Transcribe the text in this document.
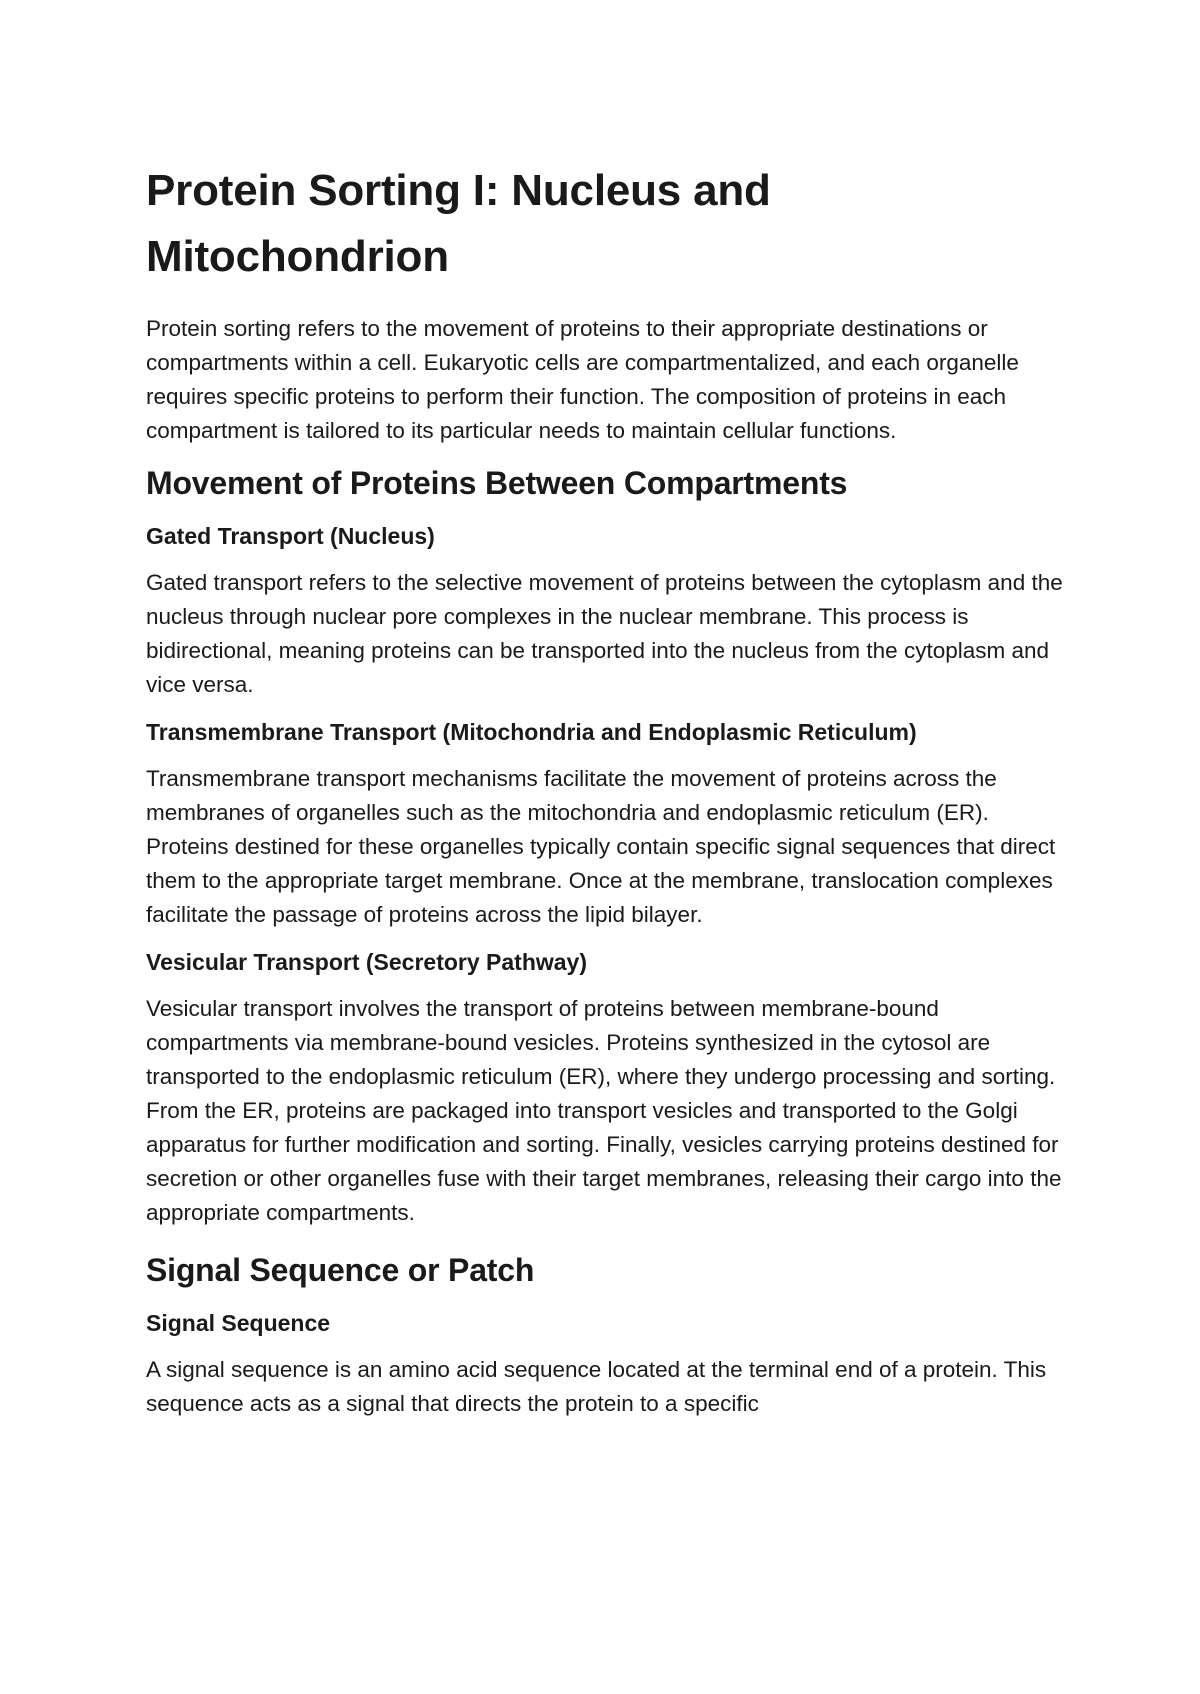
Protein Sorting I: Nucleus and Mitochondrion

Protein sorting refers to the movement of proteins to their appropriate destinations or compartments within a cell. Eukaryotic cells are compartmentalized, and each organelle requires specific proteins to perform their function. The composition of proteins in each compartment is tailored to its particular needs to maintain cellular functions.

Movement of Proteins Between Compartments
Gated Transport (Nucleus)

Gated transport refers to the selective movement of proteins between the cytoplasm and the nucleus through nuclear pore complexes in the nuclear membrane. This process is bidirectional, meaning proteins can be transported into the nucleus from the cytoplasm and vice versa.

Transmembrane Transport (Mitochondria and Endoplasmic Reticulum)

Transmembrane transport mechanisms facilitate the movement of proteins across the membranes of organelles such as the mitochondria and endoplasmic reticulum (ER). Proteins destined for these organelles typically contain specific signal sequences that direct them to the appropriate target membrane. Once at the membrane, translocation complexes facilitate the passage of proteins across the lipid bilayer.

Vesicular Transport (Secretory Pathway)

Vesicular transport involves the transport of proteins between membrane-bound compartments via membrane-bound vesicles. Proteins synthesized in the cytosol are transported to the endoplasmic reticulum (ER), where they undergo processing and sorting. From the ER, proteins are packaged into transport vesicles and transported to the Golgi apparatus for further modification and sorting. Finally, vesicles carrying proteins destined for secretion or other organelles fuse with their target membranes, releasing their cargo into the appropriate compartments.

Signal Sequence or Patch
Signal Sequence

A signal sequence is an amino acid sequence located at the terminal end of a protein. This sequence acts as a signal that directs the protein to a specific
